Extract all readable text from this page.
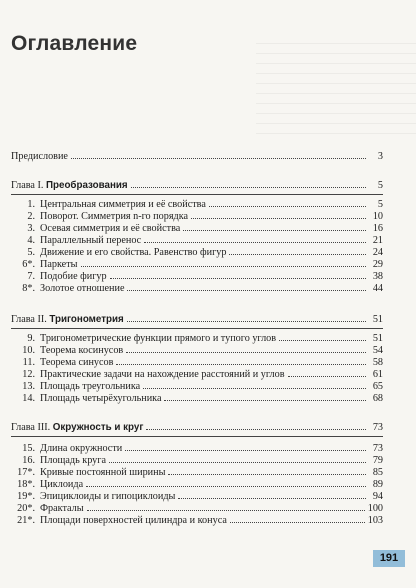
Оглавление
Предисловие	3
Глава I.
Преобразования	5
1. Центральная симметрия и её свойства	5
2. Поворот. Симметрия n-го порядка	10
3. Осевая симметрия и её свойства	16
4. Параллельный перенос	21
5. Движение и его свойства. Равенство фигур	24
6*. Паркеты	29
7. Подобие фигур	38
8*. Золотое отношение	44
Глава II.
Тригонометрия	51
9. Тригонометрические функции прямого и тупого углов	51
10. Теорема косинусов	54
11. Теорема синусов	58
12. Практические задачи на нахождение расстояний и углов	61
13. Площадь треугольника	65
14. Площадь четырёхугольника	68
Глава III.
Окружность и круг	73
15. Длина окружности	73
16. Площадь круга	79
17*. Кривые постоянной ширины	85
18*. Циклоида	89
19*. Эпициклоиды и гипоциклоиды	94
20*. Фракталы	100
21*. Площади поверхностей цилиндра и конуса	103
191
